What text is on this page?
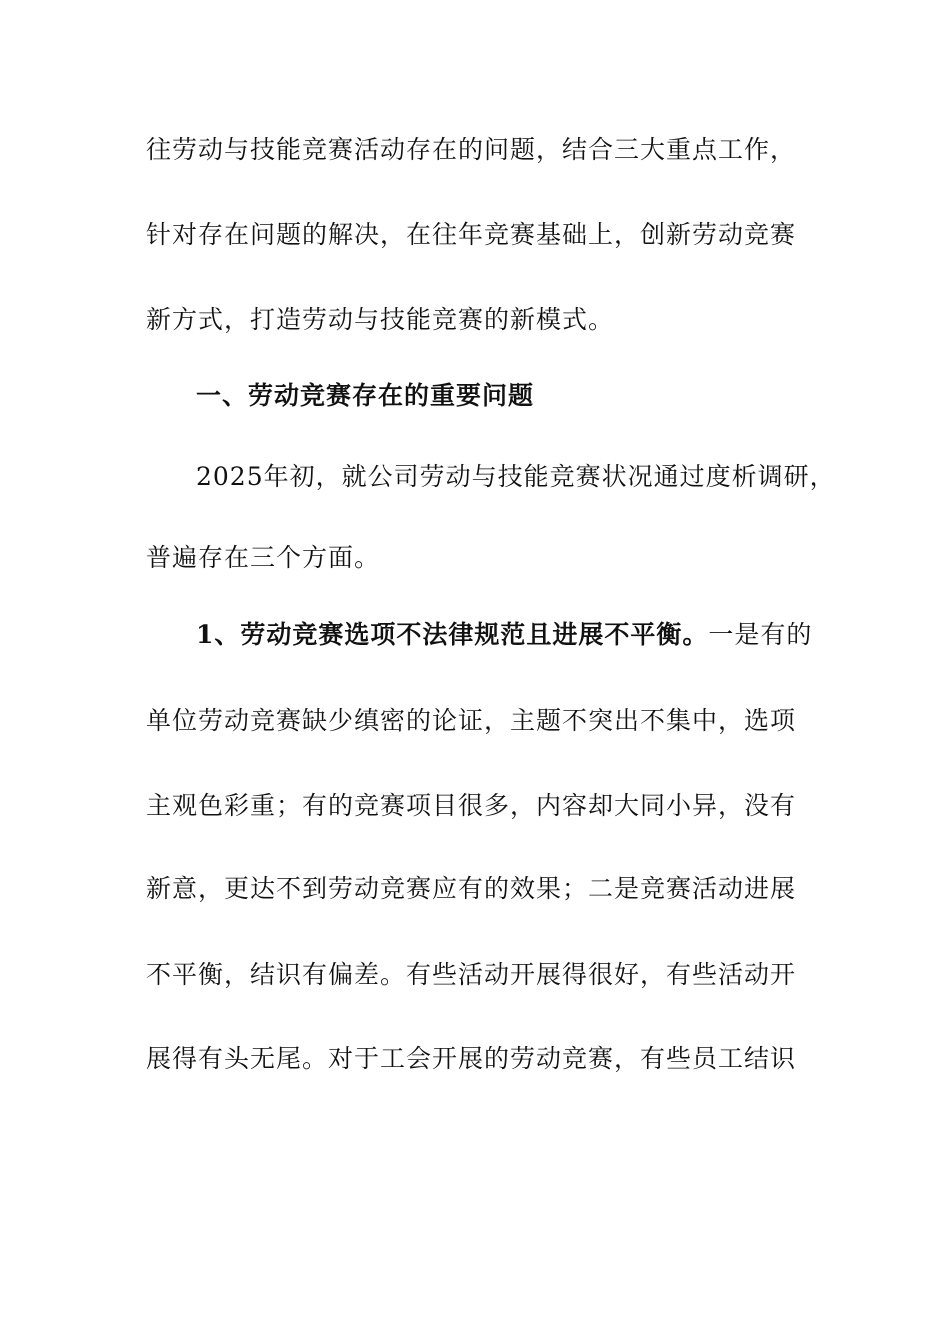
往劳动与技能竞赛活动存在的问题，结合三大重点工作，
针对存在问题的解决，在往年竞赛基础上，创新劳动竞赛
新方式，打造劳动与技能竞赛的新模式。
一、劳动竞赛存在的重要问题
2025年初，就公司劳动与技能竞赛状况通过度析调研，
普遍存在三个方面。
1、劳动竞赛选项不法律规范且进展不平衡。一是有的
单位劳动竞赛缺少缜密的论证，主题不突出不集中，选项
主观色彩重；有的竞赛项目很多，内容却大同小异，没有
新意，更达不到劳动竞赛应有的效果；二是竞赛活动进展
不平衡，结识有偏差。有些活动开展得很好，有些活动开
展得有头无尾。对于工会开展的劳动竞赛，有些员工结识
